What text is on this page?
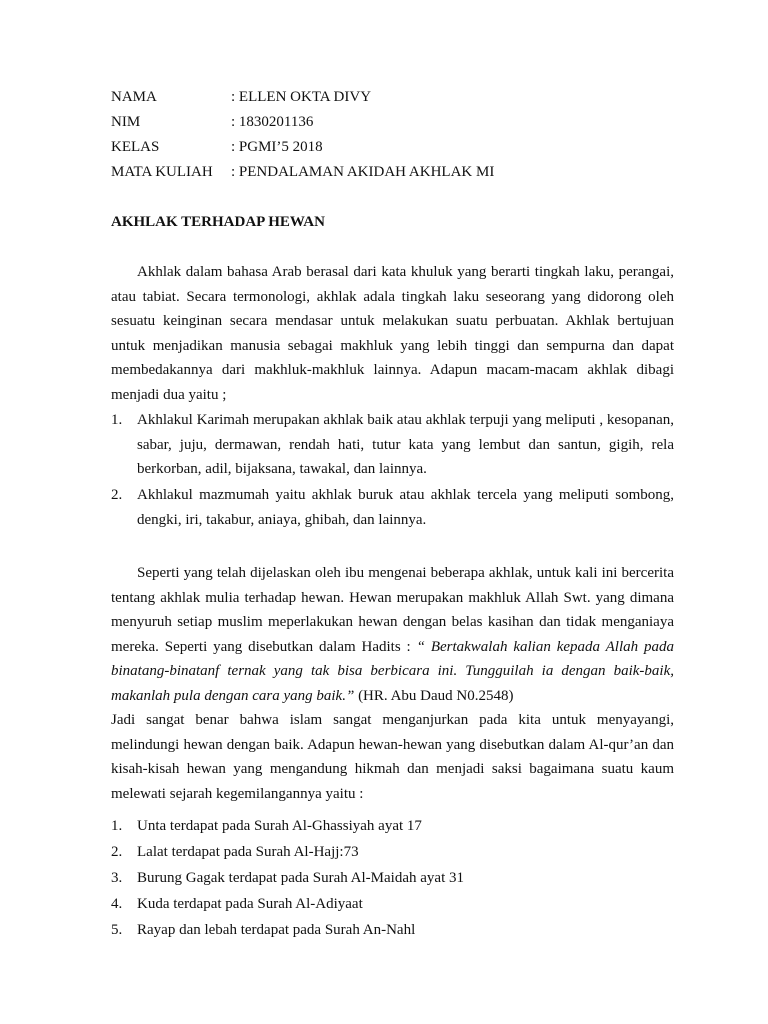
NAMA	: ELLEN OKTA DIVY
NIM	: 1830201136
KELAS	: PGMI’5 2018
MATA KULIAH : PENDALAMAN AKIDAH AKHLAK MI
AKHLAK TERHADAP HEWAN

Akhlak dalam bahasa Arab berasal dari kata khuluk yang berarti tingkah laku, perangai, atau tabiat. Secara termonologi, akhlak adala tingkah laku seseorang yang didorong oleh sesuatu keinginan secara mendasar untuk melakukan suatu perbuatan. Akhlak bertujuan untuk menjadikan manusia sebagai makhluk yang lebih tinggi dan sempurna dan dapat membedakannya dari makhluk-makhluk lainnya. Adapun macam-macam akhlak dibagi menjadi dua yaitu ;

1. Akhlakul Karimah merupakan akhlak baik atau akhlak terpuji yang meliputi , kesopanan, sabar, juju, dermawan, rendah hati, tutur kata yang lembut dan santun, gigih, rela berkorban, adil, bijaksana, tawakal, dan lainnya.
2. Akhlakul mazmumah yaitu akhlak buruk atau akhlak tercela yang meliputi sombong, dengki, iri, takabur, aniaya, ghibah, dan lainnya.

Seperti yang telah dijelaskan oleh ibu mengenai beberapa akhlak, untuk kali ini bercerita tentang akhlak mulia terhadap hewan. Hewan merupakan makhluk Allah Swt. yang dimana menyuruh setiap muslim meperlakukan hewan dengan belas kasihan dan tidak menganiaya mereka. Seperti yang disebutkan dalam Hadits : “ Bertakwalah kalian kepada Allah pada binatang-binatanf ternak yang tak bisa berbicara ini. Tungguilah ia dengan baik-baik, makanlah pula dengan cara yang baik.” (HR. Abu Daud N0.2548)

Jadi sangat benar bahwa islam sangat menganjurkan pada kita untuk menyayangi, melindungi hewan dengan baik. Adapun hewan-hewan yang disebutkan dalam Al-qur’an dan kisah-kisah hewan yang mengandung hikmah dan menjadi saksi bagaimana suatu kaum melewati sejarah kegemilangannya yaitu :

1. Unta terdapat pada Surah Al-Ghassiyah ayat 17
2. Lalat terdapat pada Surah Al-Hajj:73
3. Burung Gagak terdapat pada Surah Al-Maidah ayat 31
4. Kuda terdapat pada Surah Al-Adiyaat
5. Rayap dan lebah terdapat pada Surah An-Nahl
